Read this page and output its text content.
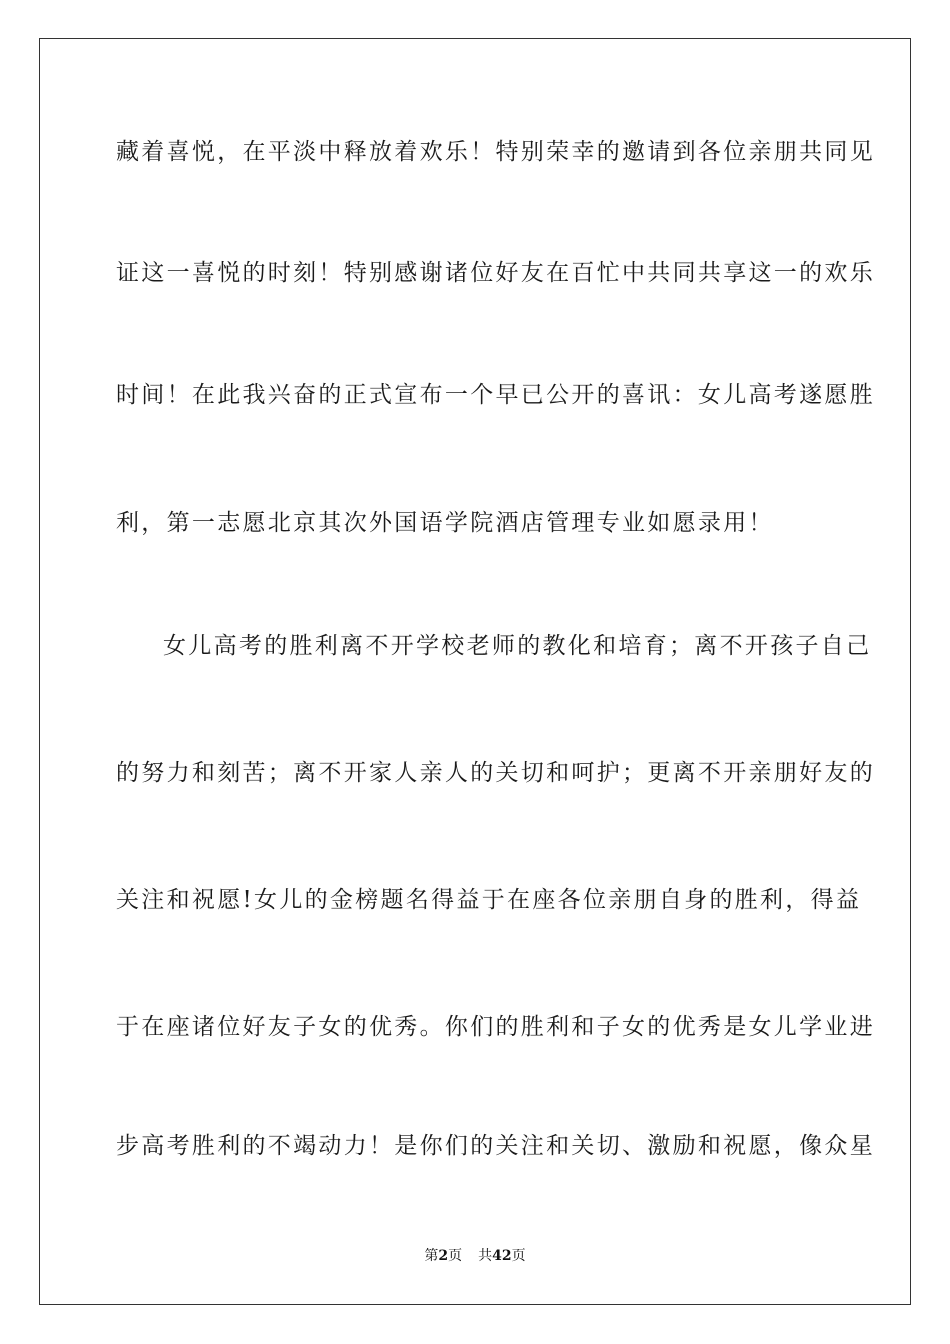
藏着喜悦，在平淡中释放着欢乐！特别荣幸的邀请到各位亲朋共同见
证这一喜悦的时刻！特别感谢诸位好友在百忙中共同共享这一的欢乐
时间！在此我兴奋的正式宣布一个早已公开的喜讯：女儿高考遂愿胜
利，第一志愿北京其次外国语学院酒店管理专业如愿录用！
女儿高考的胜利离不开学校老师的教化和培育；离不开孩子自己
的努力和刻苦；离不开家人亲人的关切和呵护；更离不开亲朋好友的
关注和祝愿!女儿的金榜题名得益于在座各位亲朋自身的胜利，得益
于在座诸位好友子女的优秀。你们的胜利和子女的优秀是女儿学业进
步高考胜利的不竭动力！是你们的关注和关切、激励和祝愿，像众星
第2页 共42页
